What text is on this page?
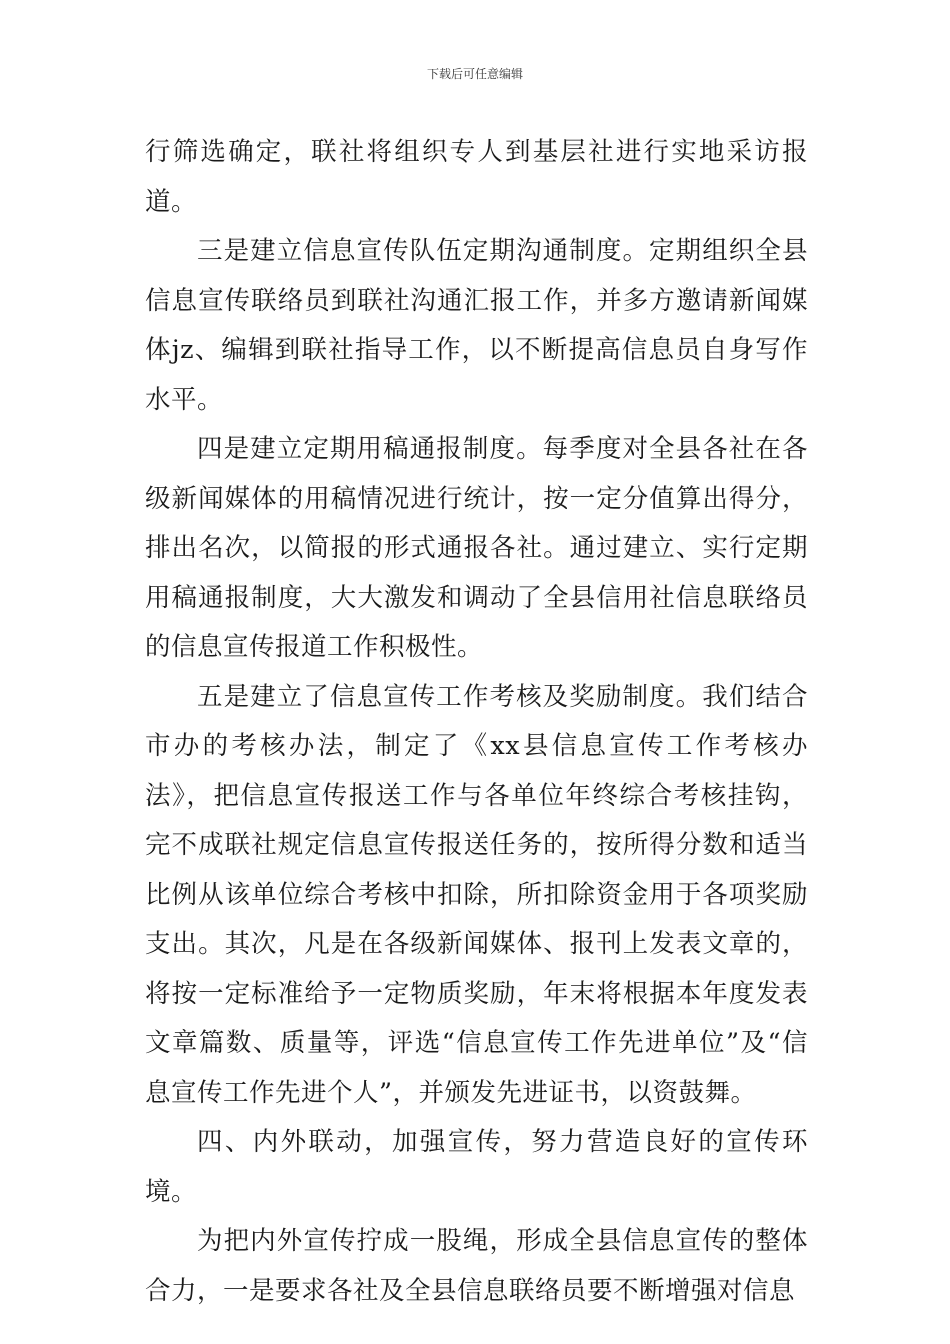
下载后可任意编辑

行筛选确定，联社将组织专人到基层社进行实地采访报道。

三是建立信息宣传队伍定期沟通制度。定期组织全县信息宣传联络员到联社沟通汇报工作，并多方邀请新闻媒体jz、编辑到联社指导工作，以不断提高信息员自身写作水平。

四是建立定期用稿通报制度。每季度对全县各社在各级新闻媒体的用稿情况进行统计，按一定分值算出得分，排出名次，以简报的形式通报各社。通过建立、实行定期用稿通报制度，大大激发和调动了全县信用社信息联络员的信息宣传报道工作积极性。

五是建立了信息宣传工作考核及奖励制度。我们结合市办的考核办法，制定了《xx县信息宣传工作考核办法》，把信息宣传报送工作与各单位年终综合考核挂钩，完不成联社规定信息宣传报送任务的，按所得分数和适当比例从该单位综合考核中扣除，所扣除资金用于各项奖励支出。其次，凡是在各级新闻媒体、报刊上发表文章的，将按一定标准给予一定物质奖励，年末将根据本年度发表文章篇数、质量等，评选“信息宣传工作先进单位”及“信息宣传工作先进个人”，并颁发先进证书，以资鼓舞。

四、内外联动，加强宣传，努力营造良好的宣传环境。

为把内外宣传拧成一股绳，形成全县信息宣传的整体合力，一是要求各社及全县信息联络员要不断增强对信息
